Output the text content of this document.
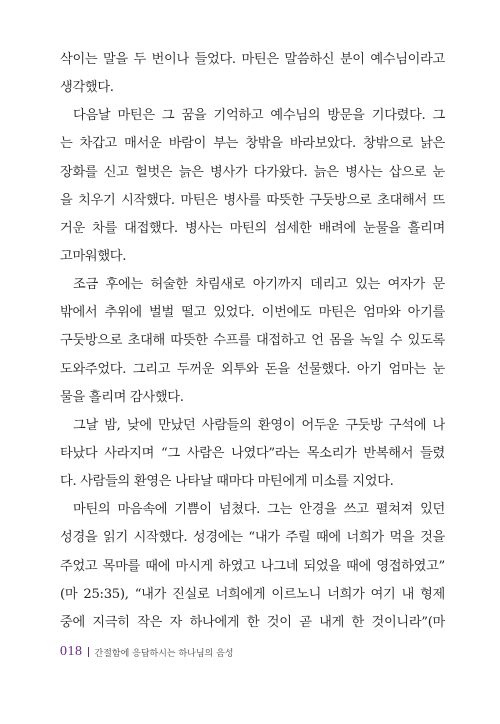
삭이는 말을 두 번이나 들었다. 마틴은 말씀하신 분이 예수님이라고
생각했다.
다음날 마틴은 그 꿈을 기억하고 예수님의 방문을 기다렸다. 그
는 차갑고 매서운 바람이 부는 창밖을 바라보았다. 창밖으로 낡은
장화를 신고 헐벗은 늙은 병사가 다가왔다. 늙은 병사는 삽으로 눈
을 치우기 시작했다. 마틴은 병사를 따뜻한 구둣방으로 초대해서 뜨
거운 차를 대접했다. 병사는 마틴의 섬세한 배려에 눈물을 흘리며
고마워했다.
조금 후에는 허술한 차림새로 아기까지 데리고 있는 여자가 문
밖에서 추위에 벌벌 떨고 있었다. 이번에도 마틴은 엄마와 아기를
구둣방으로 초대해 따뜻한 수프를 대접하고 언 몸을 녹일 수 있도록
도와주었다. 그리고 두꺼운 외투와 돈을 선물했다. 아기 엄마는 눈
물을 흘리며 감사했다.
그날 밤, 낮에 만났던 사람들의 환영이 어두운 구둣방 구석에 나
타났다 사라지며 “그 사람은 나였다”라는 목소리가 반복해서 들렸
다. 사람들의 환영은 나타날 때마다 마틴에게 미소를 지었다.
마틴의 마음속에 기쁨이 넘쳤다. 그는 안경을 쓰고 펼쳐져 있던
성경을 읽기 시작했다. 성경에는 “내가 주릴 때에 너희가 먹을 것을
주었고 목마를 때에 마시게 하였고 나그네 되었을 때에 영접하였고”
(마 25:35), “내가 진실로 너희에게 이르노니 너희가 여기 내 형제
중에 지극히 작은 자 하나에게 한 것이 곧 내게 한 것이니라”(마
018 간절함에 응답하시는 하나님의 음성
